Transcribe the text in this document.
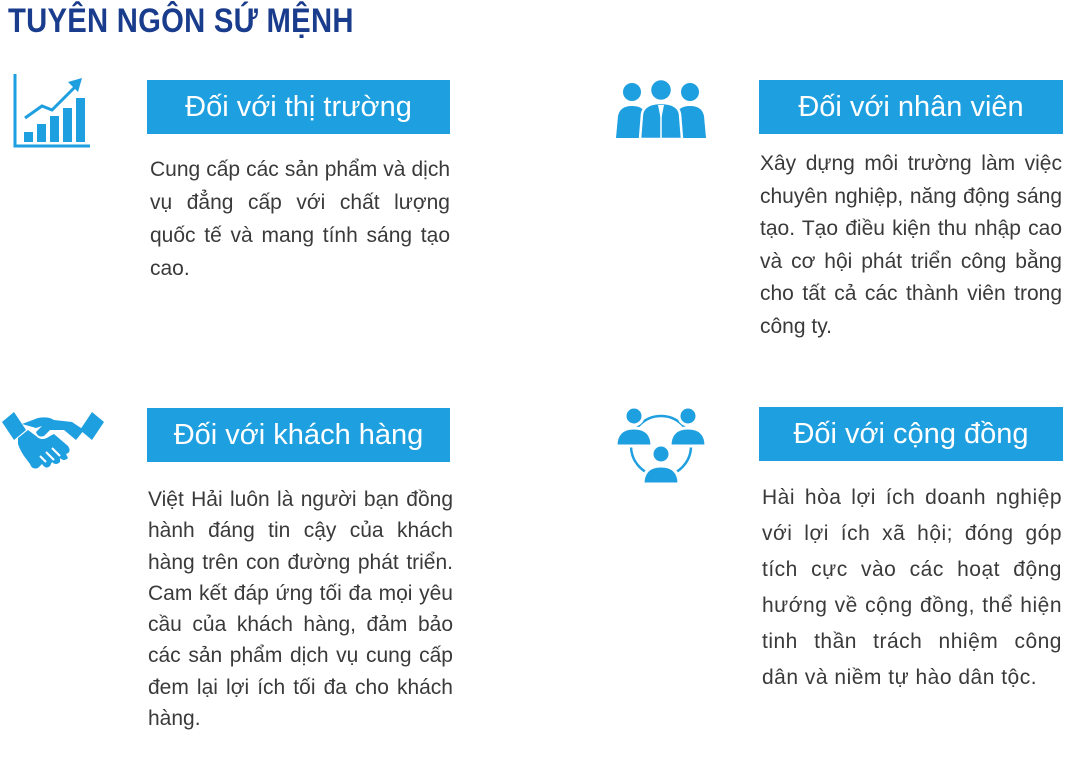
TUYÊN NGÔN SỨ MỆNH
Đối với thị trường

Cung cấp các sản phẩm và dịch vụ đẳng cấp với chất lượng quốc tế và mang tính sáng tạo cao.

Đối với nhân viên

Xây dựng môi trường làm việc chuyên nghiệp, năng động sáng tạo. Tạo điều kiện thu nhập cao và cơ hội phát triển công bằng cho tất cả các thành viên trong công ty.

Đối với khách hàng

Việt Hải luôn là người bạn đồng hành đáng tin cậy của khách hàng trên con đường phát triển. Cam kết đáp ứng tối đa mọi yêu cầu của khách hàng, đảm bảo các sản phẩm dịch vụ cung cấp đem lại lợi ích tối đa cho khách hàng.

Đối với cộng đồng

Hài hòa lợi ích doanh nghiệp với lợi ích xã hội; đóng góp tích cực vào các hoạt động hướng về cộng đồng, thể hiện tinh thần trách nhiệm công dân và niềm tự hào dân tộc.
